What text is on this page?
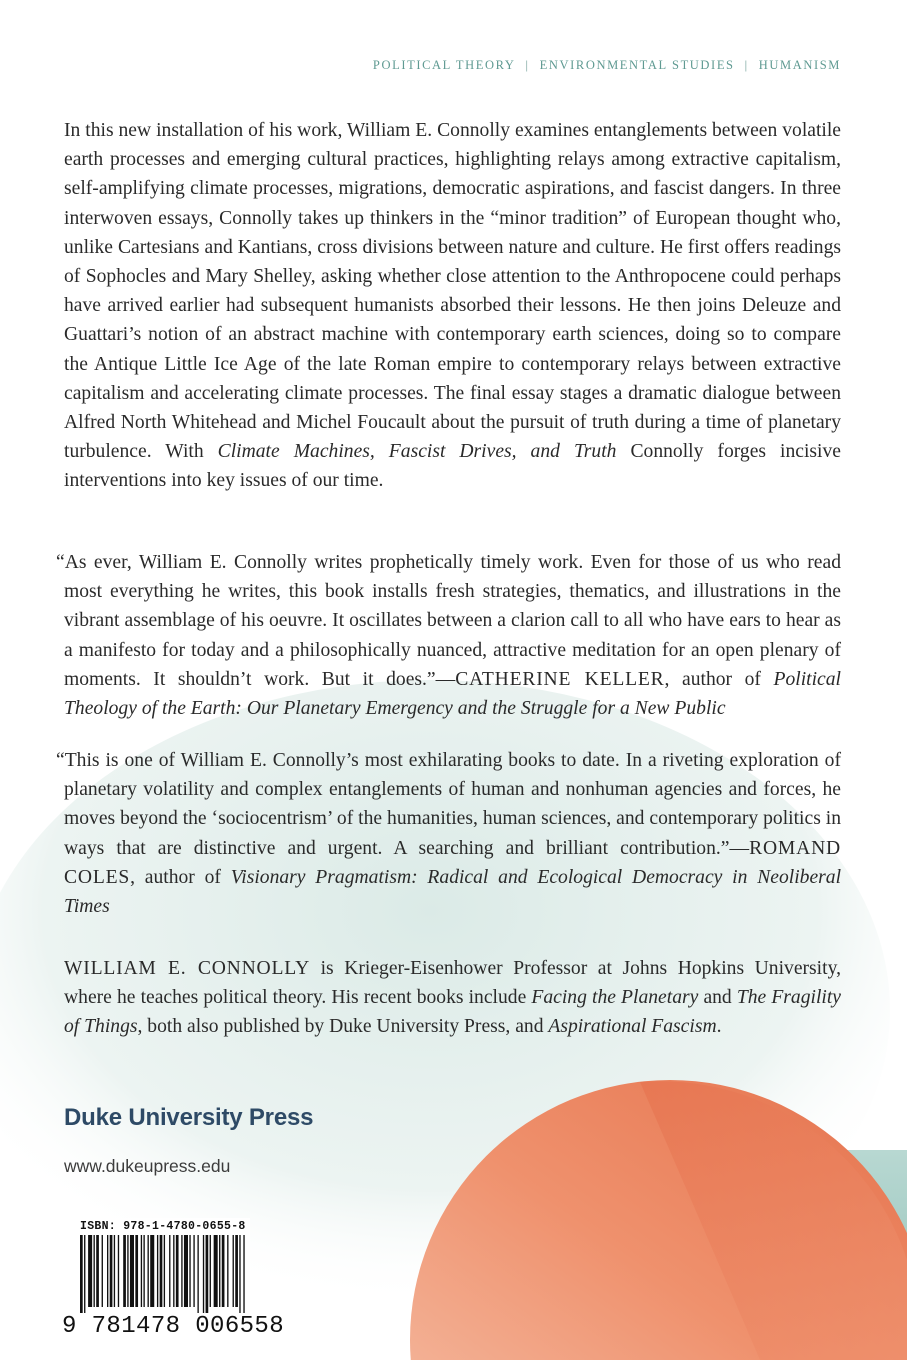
POLITICAL THEORY | ENVIRONMENTAL STUDIES | HUMANISM

In this new installation of his work, William E. Connolly examines entanglements between volatile earth processes and emerging cultural practices, highlighting relays among extractive capitalism, self-amplifying climate processes, migrations, democratic aspirations, and fascist dangers. In three interwoven essays, Connolly takes up thinkers in the “minor tradition” of European thought who, unlike Cartesians and Kantians, cross divisions between nature and culture. He first offers readings of Sophocles and Mary Shelley, asking whether close attention to the Anthropocene could perhaps have arrived earlier had subsequent humanists absorbed their lessons. He then joins Deleuze and Guattari’s notion of an abstract machine with contemporary earth sciences, doing so to compare the Antique Little Ice Age of the late Roman empire to contemporary relays between extractive capitalism and accelerating climate processes. The final essay stages a dramatic dialogue between Alfred North Whitehead and Michel Foucault about the pursuit of truth during a time of planetary turbulence. With Climate Machines, Fascist Drives, and Truth Connolly forges incisive interventions into key issues of our time.

“As ever, William E. Connolly writes prophetically timely work. Even for those of us who read most everything he writes, this book installs fresh strategies, thematics, and illustrations in the vibrant assemblage of his oeuvre. It oscillates between a clarion call to all who have ears to hear as a manifesto for today and a philosophically nuanced, attractive meditation for an open plenary of moments. It shouldn’t work. But it does.”—CATHERINE KELLER, author of Political Theology of the Earth: Our Planetary Emergency and the Struggle for a New Public

“This is one of William E. Connolly’s most exhilarating books to date. In a riveting exploration of planetary volatility and complex entanglements of human and nonhuman agencies and forces, he moves beyond the ‘sociocentrism’ of the humanities, human sciences, and contemporary politics in ways that are distinctive and urgent. A searching and brilliant contribution.”—ROMAND COLES, author of Visionary Pragmatism: Radical and Ecological Democracy in Neoliberal Times

WILLIAM E. CONNOLLY is Krieger-Eisenhower Professor at Johns Hopkins University, where he teaches political theory. His recent books include Facing the Planetary and The Fragility of Things, both also published by Duke University Press, and Aspirational Fascism.

Duke University Press
www.dukeupress.edu
ISBN: 978-1-4780-0655-8
9 781478 006558
